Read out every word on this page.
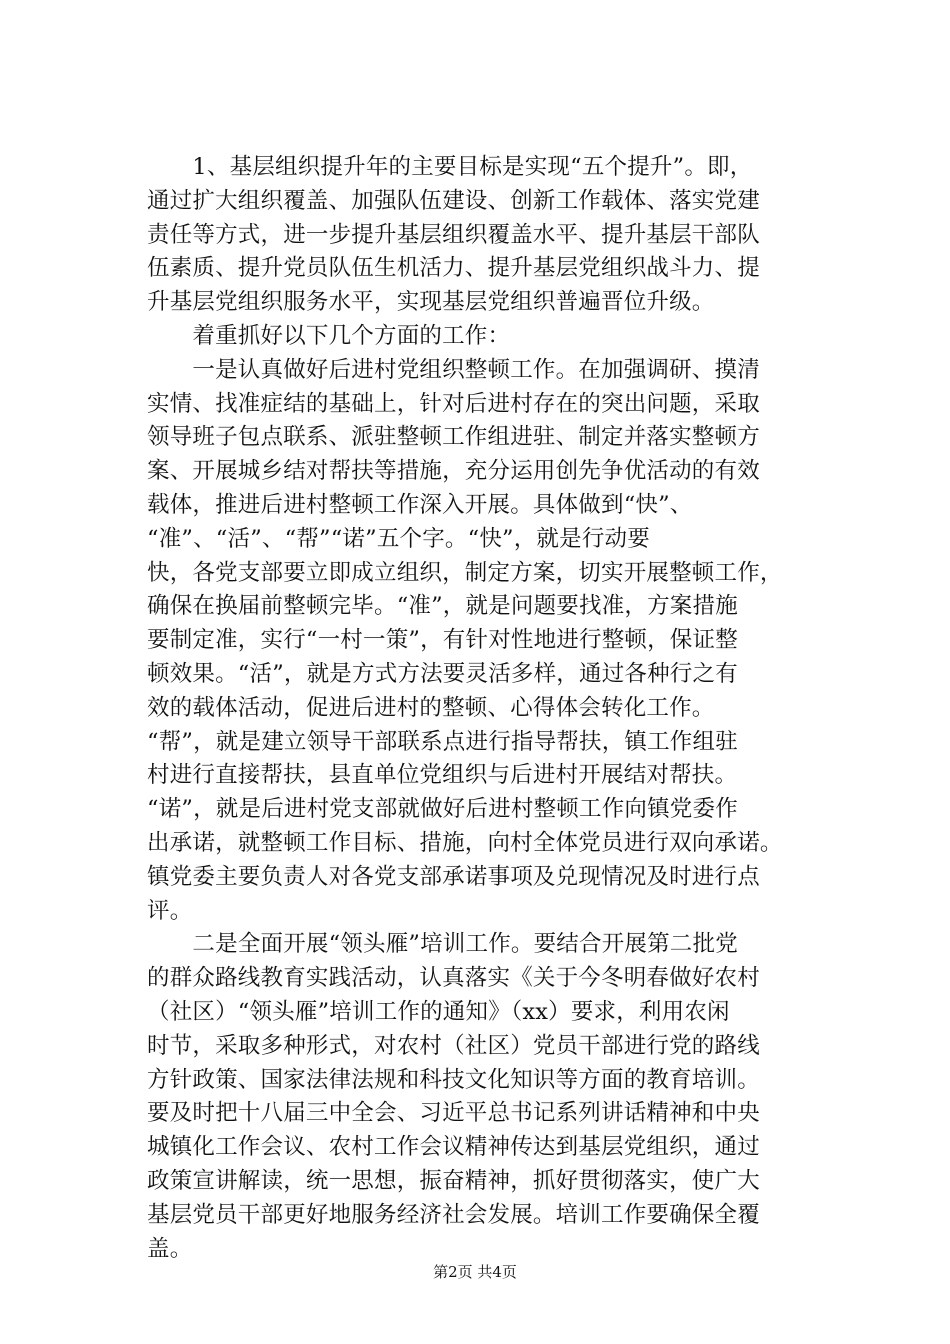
　　1、基层组织提升年的主要目标是实现“五个提升”。即，

通过扩大组织覆盖、加强队伍建设、创新工作载体、落实党建

责任等方式，进一步提升基层组织覆盖水平、提升基层干部队

伍素质、提升党员队伍生机活力、提升基层党组织战斗力、提

升基层党组织服务水平，实现基层党组织普遍晋位升级。

　　着重抓好以下几个方面的工作：

　　一是认真做好后进村党组织整顿工作。在加强调研、摸清

实情、找准症结的基础上，针对后进村存在的突出问题，采取

领导班子包点联系、派驻整顿工作组进驻、制定并落实整顿方

案、开展城乡结对帮扶等措施，充分运用创先争优活动的有效

载体，推进后进村整顿工作深入开展。具体做到“快”、

“准”、“活”、“帮”“诺”五个字。“快”，就是行动要

快，各党支部要立即成立组织，制定方案，切实开展整顿工作，

确保在换届前整顿完毕。“准”，就是问题要找准，方案措施

要制定准，实行“一村一策”，有针对性地进行整顿，保证整

顿效果。“活”，就是方式方法要灵活多样，通过各种行之有

效的载体活动，促进后进村的整顿、心得体会转化工作。

“帮”，就是建立领导干部联系点进行指导帮扶，镇工作组驻

村进行直接帮扶，县直单位党组织与后进村开展结对帮扶。

“诺”，就是后进村党支部就做好后进村整顿工作向镇党委作

出承诺，就整顿工作目标、措施，向村全体党员进行双向承诺。

镇党委主要负责人对各党支部承诺事项及兑现情况及时进行点

评。

　　二是全面开展“领头雁”培训工作。要结合开展第二批党

的群众路线教育实践活动，认真落实《关于今冬明春做好农村

（社区）“领头雁”培训工作的通知》（xx）要求，利用农闲

时节，采取多种形式，对农村（社区）党员干部进行党的路线

方针政策、国家法律法规和科技文化知识等方面的教育培训。

要及时把十八届三中全会、习近平总书记系列讲话精神和中央

城镇化工作会议、农村工作会议精神传达到基层党组织，通过

政策宣讲解读，统一思想，振奋精神，抓好贯彻落实，使广大

基层党员干部更好地服务经济社会发展。培训工作要确保全覆

盖。

第2页 共4页
